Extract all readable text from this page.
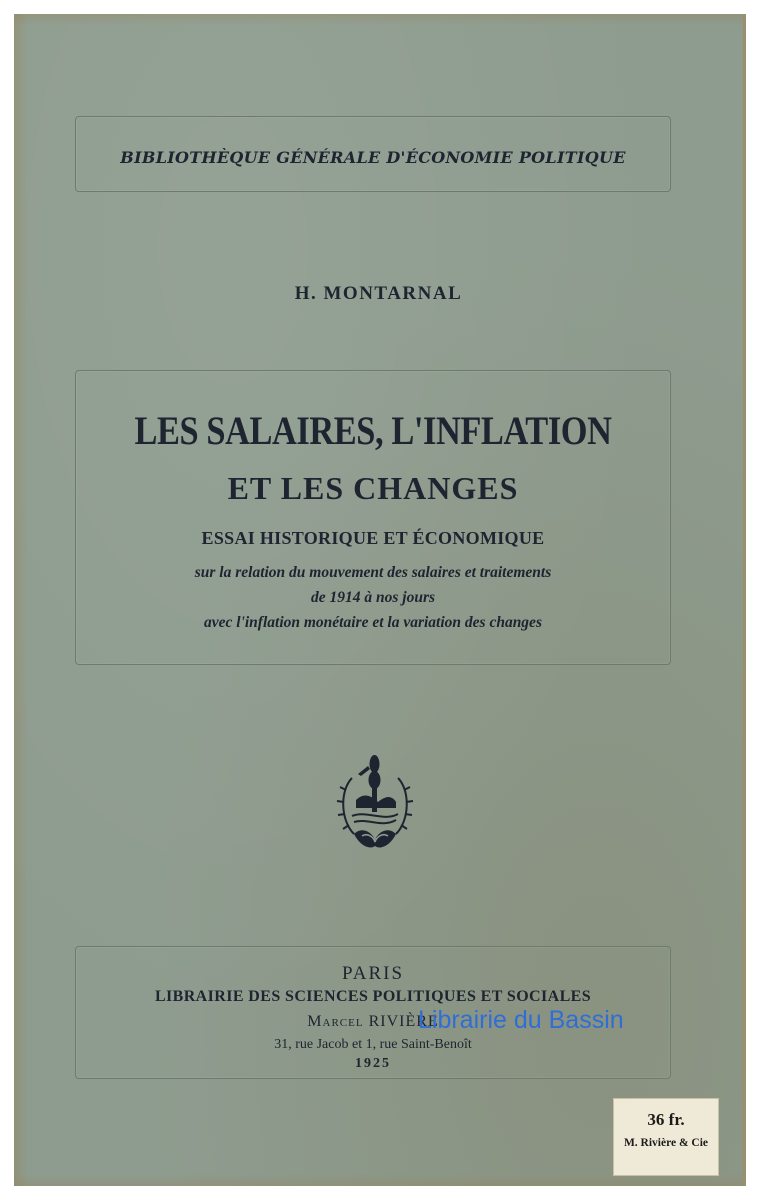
BIBLIOTHÈQUE GÉNÉRALE D'ÉCONOMIE POLITIQUE
H. MONTARNAL
LES SALAIRES, L'INFLATION
ET LES CHANGES
ESSAI HISTORIQUE ET ÉCONOMIQUE
sur la relation du mouvement des salaires et traitements
de 1914 à nos jours
avec l'inflation monétaire et la variation des changes
PARIS
LIBRAIRIE DES SCIENCES POLITIQUES ET SOCIALES
Marcel RIVIÈRE
31, rue Jacob et 1, rue Saint-Benoît
1925
36 fr.
M. Rivière & Cie
Librairie du Bassin
